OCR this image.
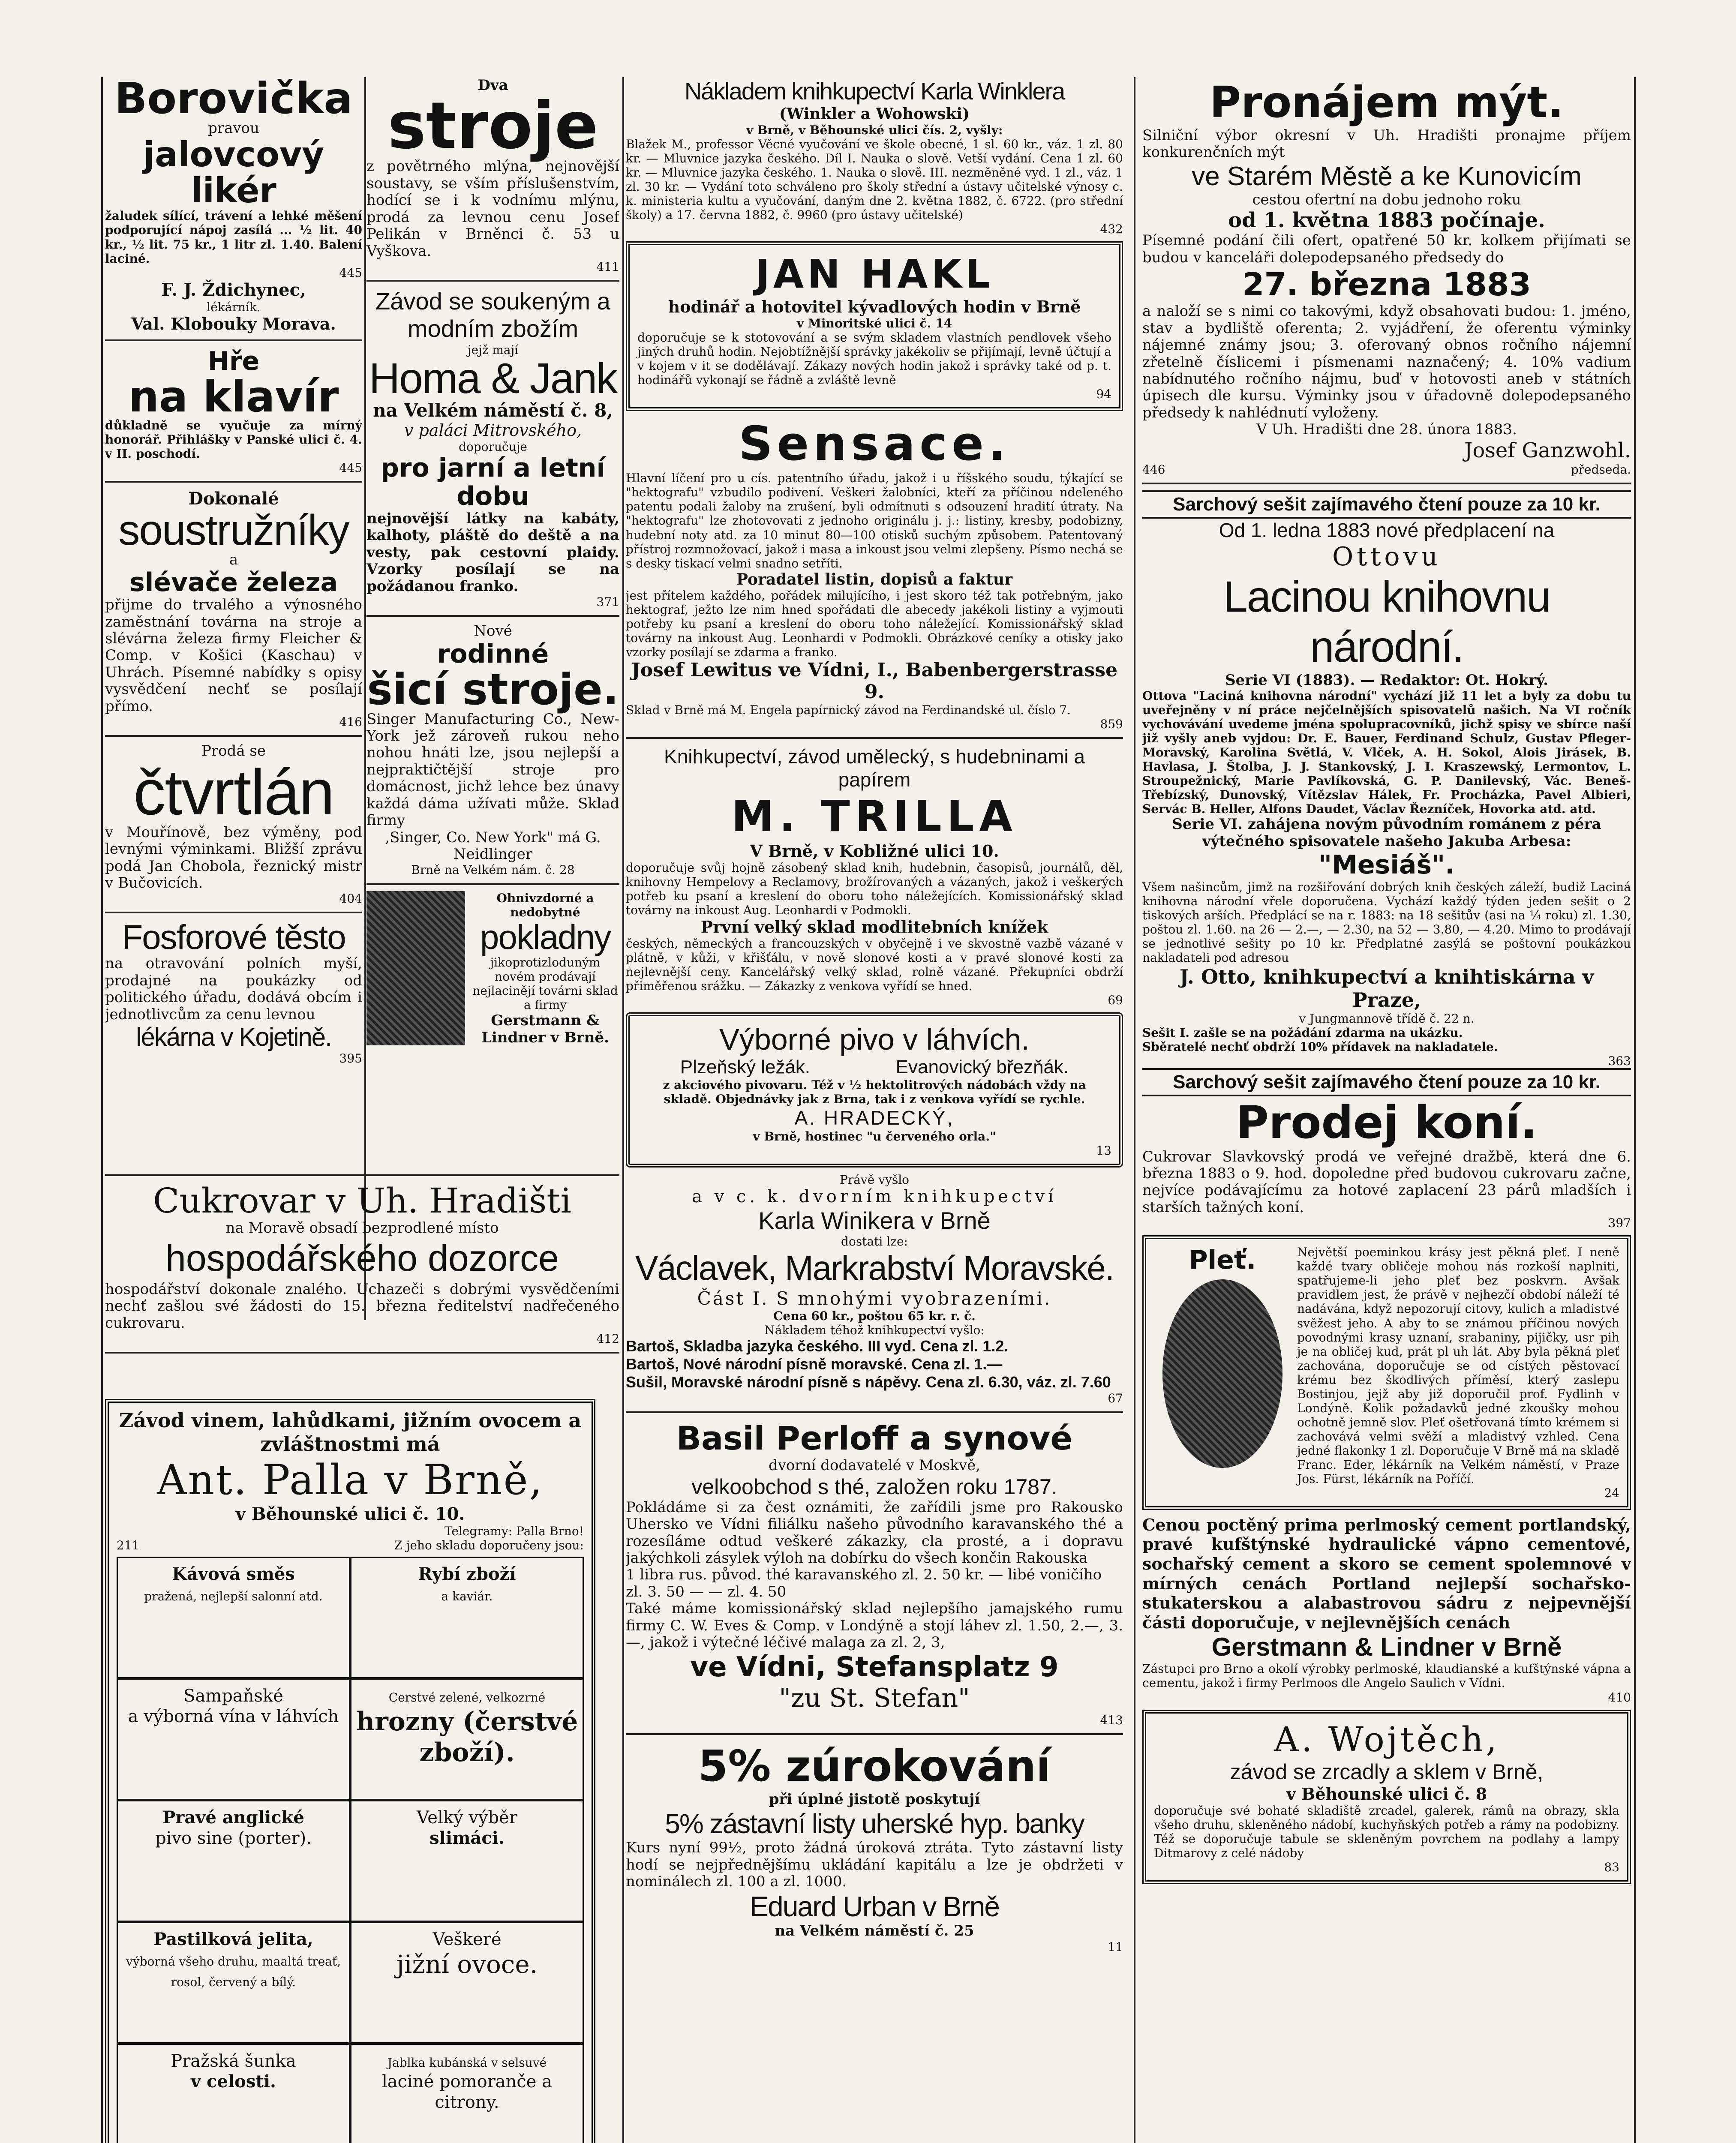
Borovička
pravou
jalovcový likér
žaludek sílící, trávení a lehké měšení podporující nápoj zasílá ... ½ lit. 40 kr., ½ lit. 75 kr., 1 litr zl. 1.40. Balení laciné.
445
F. J. Ždichynec,
lékárník.
Val. Klobouky Morava.
Hře
na klavír
důkladně se vyučuje za mírný honorář. Přihlášky v Panské ulici č. 4. v II. poschodí.
445
Dokonalé
soustružníky
a
slévače železa
přijme do trvalého a výnosného zaměstnání továrna na stroje a slévárna železa firmy Fleicher & Comp. v Košici (Kaschau) v Uhrách. Písemné nabídky s opisy vysvědčení nechť se posílají přímo.
416
Prodá se
čtvrtlán
v Mouřínově, bez výměny, pod levnými výminkami. Bližší zprávu podá Jan Chobola, řeznický mistr v Bučovicích.
404
Fosforové těsto
na otravování polních myší, prodajné na poukázky od politického úřadu, dodává obcím i jednotlivcům za cenu levnou
lékárna v Kojetině.
395
Dva
stroje
z povětrného mlýna, nejnovější soustavy, se vším příslušenstvím, hodící se i k vodnímu mlýnu, prodá za levnou cenu Josef Pelikán v Brněnci č. 53 u Vyškova.
411
Závod se soukeným a modním zbožím
jejž mají
Homa & Jank
na Velkém náměstí č. 8,
v paláci Mitrovského,
doporučuje
pro jarní a letní dobu
nejnovější látky na kabáty, kalhoty, pláště do deště a na vesty, pak cestovní plaidy. Vzorky posílají se na požádanou franko.
371
Nové
rodinné
šicí stroje.
Singer Manufacturing Co., New-York jež zároveň rukou neho nohou hnáti lze, jsou nejlepší a nejpraktičtější stroje pro domácnost, jichž lehce bez únavy každá dáma užívati může. Sklad firmy
,Singer, Co. New York" má G. Neidlinger
Brně na Velkém nám. č. 28
Ohnivzdorné a nedobytné
pokladny
jikoprotizloduným novém prodávají nejlacinějí továrni sklad a firmy
Gerstmann & Lindner v Brně.
Cukrovar v Uh. Hradišti
na Moravě obsadí bezprodlené místo
hospodářského dozorce
hospodářství dokonale znalého. Uchazeči s dobrými vysvědčeními nechť zašlou své žádosti do 15. března ředitelství nadřečeného cukrovaru.
412
Závod vinem, lahůdkami, jižním ovocem a zvláštnostmi má
Ant. Palla v Brně,
v Běhounské ulici č. 10.
Telegramy: Palla Brno!
211	Z jeho skladu doporučeny jsou:
Kávová směs
pražená, nejlepší salonní atd.
Rybí zboží
a kaviár.
Sampaňské
a výborná vína v láhvích
Cerstvé zelené, velkozrné
hrozny (čerstvé zboží).
Pravé anglické
pivo sine (porter).
Velký výběr
slimáci.
Pastilková jelita,
výborná všeho druhu, maaltá treať, rosol, červený a bílý.
Veškeré
jižní ovoce.
Pražská šunka
v celosti.
Jablka kubánská v selsuvé
laciné pomoranče a citrony.

Nákladem knihkupectví Karla Winklera
(Winkler a Wohowski)
v Brně, v Běhounské ulici čís. 2, vyšly:
Blažek M., professor Věcné vyučování ve škole obecné, 1 sl. 60 kr., váz. 1 zl. 80 kr. — Mluvnice jazyka českého. Díl I. Nauka o slově. Vetší vydání. Cena 1 zl. 60 kr. — Mluvnice jazyka českého. 1. Nauka o slově. III. nezměněné vyd. 1 zl., váz. 1 zl. 30 kr. — Vydání toto schváleno pro školy střední a ústavy učitelské výnosy c. k. ministeria kultu a vyučování, daným dne 2. května 1882, č. 6722. (pro střední školy) a 17. června 1882, č. 9960 (pro ústavy učitelské)
432
JAN HAKL
hodinář a hotovitel kývadlových hodin v Brně
v Minoritské ulici č. 14
doporučuje se k stotovování a se svým skladem vlastních pendlovek všeho jiných druhů hodin. Nejobtížnější správky jakékoliv se přijímají, levně účtují a v kojem v it se dodělávají. Zákazy nových hodin jakož i správky také od p. t. hodinářů vykonají se řádně a zvláště levně
94
Sensace.
Hlavní líčení pro u cís. patentního úřadu, jakož i u říšského soudu, týkající se "hektografu" vzbudilo podivení. Veškeri žalobníci, kteří za příčinou ndeleného patentu podali žaloby na zrušení, byli odmítnuti s odsouzení hradití útraty. Na "hektografu" lze zhotovovati z jednoho originálu j. j.: listiny, kresby, podobizny, hudební noty atd. za 10 minut 80—100 otisků suchým způsobem. Patentovaný přístroj rozmnožovací, jakož i masa a inkoust jsou velmi zlepšeny. Písmo nechá se s desky tiskací velmi snadno setříti.
Poradatel listin, dopisů a faktur
jest přítelem každého, pořádek milujícího, i jest skoro též tak potřebným, jako hektograf, ježto lze nim hned spořádati dle abecedy jakékoli listiny a vyjmouti potřeby ku psaní a kreslení do oboru toho náležející. Komissionářský sklad továrny na inkoust Aug. Leonhardi v Podmokli. Obrázkové ceníky a otisky jako vzorky posílají se zdarma a franko.
Josef Lewitus ve Vídni, I., Babenbergerstrasse 9.
Sklad v Brně má M. Engela papírnický závod na Ferdinandské ul. číslo 7.
859
Knihkupectví, závod umělecký, s hudebninami a papírem
M. TRILLA
V Brně, v Kobližné ulici 10.
doporučuje svůj hojně zásobený sklad knih, hudebnin, časopisů, journálů, děl, knihovny Hempelovy a Reclamovy, brožírovaných a vázaných, jakož i veškerých potřeb ku psaní a kreslení do oboru toho náležejících. Komissionářský sklad továrny na inkoust Aug. Leonhardi v Podmokli.
První velký sklad modlitebních knížek
českých, německých a francouzských v obyčejně i ve skvostně vazbě vázané v plátně, v kůži, v křišťálu, v nově slonové kosti a v pravé slonové kosti za nejlevnější ceny. Kancelářský velký sklad, rolně vázané. Překupníci obdrží přiměřenou srážku. — Zákazky z venkova vyřídí se hned.
69
Výborné pivo v láhvích.
Plzeňský ležák.	Evanovický březňák.
z akciového pivovaru. Též v ½ hektolitrových nádobách vždy na skladě. Objednávky jak z Brna, tak i z venkova vyřídí se rychle.
A. HRADECKÝ,
v Brně, hostinec "u červeného orla."
13
Právě vyšlo
a v c. k. dvorním knihkupectví
Karla Winikera v Brně
dostati lze:
Václavek, Markrabství Moravské.
Část I. S mnohými vyobrazeními.
Cena 60 kr., poštou 65 kr. r. č.
Nákladem téhož knihkupectví vyšlo:
Bartoš, Skladba jazyka českého. III vyd. Cena zl. 1.2.
Bartoš, Nové národní písně moravské. Cena zl. 1.—
Sušil, Moravské národní písně s nápěvy. Cena zl. 6.30, váz. zl. 7.60
67
Basil Perloff a synové
dvorní dodavatelé v Moskvě,
velkoobchod s thé, založen roku 1787.
Pokládáme si za čest oznámiti, že zařídili jsme pro Rakousko Uhersko ve Vídni filiálku našeho původního karavanského thé a rozesíláme odtud veškeré zákazky, cla prosté, a i dopravu jakýchkoli zásylek výloh na dobírku do všech končin Rakouska
1 libra rus. původ. thé karavanského zl. 2. 50 kr. — libé voničího zl. 3. 50 — — zl. 4. 50
Také máme komissionářský sklad nejlepšího jamajského rumu firmy C. W. Eves & Comp. v Londýně a stojí láhev zl. 1.50, 2.—, 3.—, jakož i výtečné léčivé malaga za zl. 2, 3,
ve Vídni, Stefansplatz 9
"zu St. Stefan"
413
5% zúrokování
při úplné jistotě poskytují
5% zástavní listy uherské hyp. banky
Kurs nyní 99½, proto žádná úroková ztráta. Tyto zástavní listy hodí se nejpřednějšímu ukládání kapitálu a lze je obdržeti v nominálech zl. 100 a zl. 1000.
Eduard Urban v Brně
na Velkém náměstí č. 25
11
Pronájem mýt.
Silniční výbor okresní v Uh. Hradišti pronajme příjem konkurenčních mýt
ve Starém Městě a ke Kunovicím
cestou ofertní na dobu jednoho roku
od 1. května 1883 počínaje.
Písemné podání čili ofert, opatřené 50 kr. kolkem přijímati se budou v kanceláři dolepodepsaného předsedy do
27. března 1883
a naloží se s nimi co takovými, když obsahovati budou: 1. jméno, stav a bydliště oferenta; 2. vyjádření, že oferentu výminky nájemné známy jsou; 3. oferovaný obnos ročního nájemní zřetelně číslicemi i písmenami naznačený; 4. 10% vadium nabídnutého ročního nájmu, buď v hotovosti aneb v státních úpisech dle kursu. Výminky jsou v úřadovně dolepodepsaného předsedy k nahlédnutí vyloženy.
V Uh. Hradišti dne 28. února 1883.
Josef Ganzwohl.
446	předseda.
Sarchový sešit zajímavého čtení pouze za 10 kr.
Od 1. ledna 1883 nové předplacení na
Ottovu
Lacinou knihovnu národní.
Serie VI (1883). — Redaktor: Ot. Hokrý.
Ottova "Laciná knihovna národní" vychází již 11 let a byly za dobu tu uveřejněny v ní práce nejčelnějších spisovatelů našich. Na VI ročník vychovávání uvedeme jména spolupracovníků, jichž spisy ve sbírce naší již vyšly aneb vyjdou: Dr. E. Bauer, Ferdinand Schulz, Gustav Pfleger-Moravský, Karolina Světlá, V. Vlček, A. H. Sokol, Alois Jirásek, B. Havlasa, J. Štolba, J. J. Stankovský, J. I. Kraszewský, Lermontov, L. Stroupežnický, Marie Pavlíkovská, G. P. Danilevský, Vác. Beneš-Třebízský, Dunovský, Vítězslav Hálek, Fr. Procházka, Pavel Albieri, Servác B. Heller, Alfons Daudet, Václav Řezníček, Hovorka atd. atd.
Serie VI. zahájena novým původním románem z péra výtečného spisovatele našeho Jakuba Arbesa:
"Mesiáš".
Všem našincům, jimž na rozšiřování dobrých knih českých záleží, budiž Laciná knihovna národní vřele doporučena. Vychází každý týden jeden sešit o 2 tiskových arších. Předplácí se na r. 1883: na 18 sešitův (asi na ¼ roku) zl. 1.30, poštou zl. 1.60. na 26 — 2.—, — 2.30, na 52 — 3.80, — 4.20. Mimo to prodávají se jednotlivé sešity po 10 kr. Předplatné zasýlá se poštovní poukázkou nakladateli pod adresou
J. Otto, knihkupectví a knihtiskárna v Praze,
v Jungmannově třídě č. 22 n.
Sešit I. zašle se na požádání zdarma na ukázku.
Sběratelé nechť obdrží 10% přídavek na nakladatele.
363
Sarchový sešit zajímavého čtení pouze za 10 kr.
Prodej koní.
Cukrovar Slavkovský prodá ve veřejné dražbě, která dne 6. března 1883 o 9. hod. dopoledne před budovou cukrovaru začne, nejvíce podávajícímu za hotové zaplacení 23 párů mladších i starších tažných koní.
397
Pleť.	Největší poeminkou krásy jest pěkná pleť. I neně každé tvary obličeje mohou nás rozkoší naplniti, spatřujeme-li jeho pleť bez poskvrn. Avšak pravidlem jest, že právě v nejhezčí období náleží té nadávána, když nepozorují citovy, kulich a mladistvé svěžest jeho. A aby to se známou příčinou nových povodnými krasy uznaní, srabaniny, pijičky, usr pih je na obličej kud, prát pl uh lát. Aby byla pěkná pleť zachována, doporučuje se od cístých pěstovací krému bez škodlivých příměsí, který zaslepu Bostinjou, jejž aby již doporučil prof. Fydlinh v Londýně. Kolik požadavků jedné zkoušky mohou ochotně jemně slov. Pleť ošetřovaná tímto krémem si zachovává velmi svěží a mladistvý vzhled. Cena jedné flakonky 1 zl. Doporučuje V Brně má na skladě Franc. Eder, lékárník na Velkém náměstí, v Praze Jos. Fürst, lékárník na Poříčí.
24
Cenou poctěný prima perlmoský cement portlandský, pravé kufštýnské hydraulické vápno cementové, sochařský cement a skoro se cement spolemnové v mírných cenách Portland nejlepší sochařsko-stukaterskou a alabastrovou sádru z nejpevnější části doporučuje, v nejlevnějších cenách
Gerstmann & Lindner v Brně
Zástupci pro Brno a okolí výrobky perlmoské, klaudianské a kufštýnské vápna a cementu, jakož i firmy Perlmoos dle Angelo Saulich v Vídni.
410
A. Wojtěch,
závod se zrcadly a sklem v Brně,
v Běhounské ulici č. 8
doporučuje své bohaté skladiště zrcadel, galerek, rámů na obrazy, skla všeho druhu, skleněného nádobí, kuchyňských potřeb a rámy na podobizny. Též se doporučuje tabule se skleněným povrchem na podlahy a lampy Ditmarovy z celé nádoby
83
